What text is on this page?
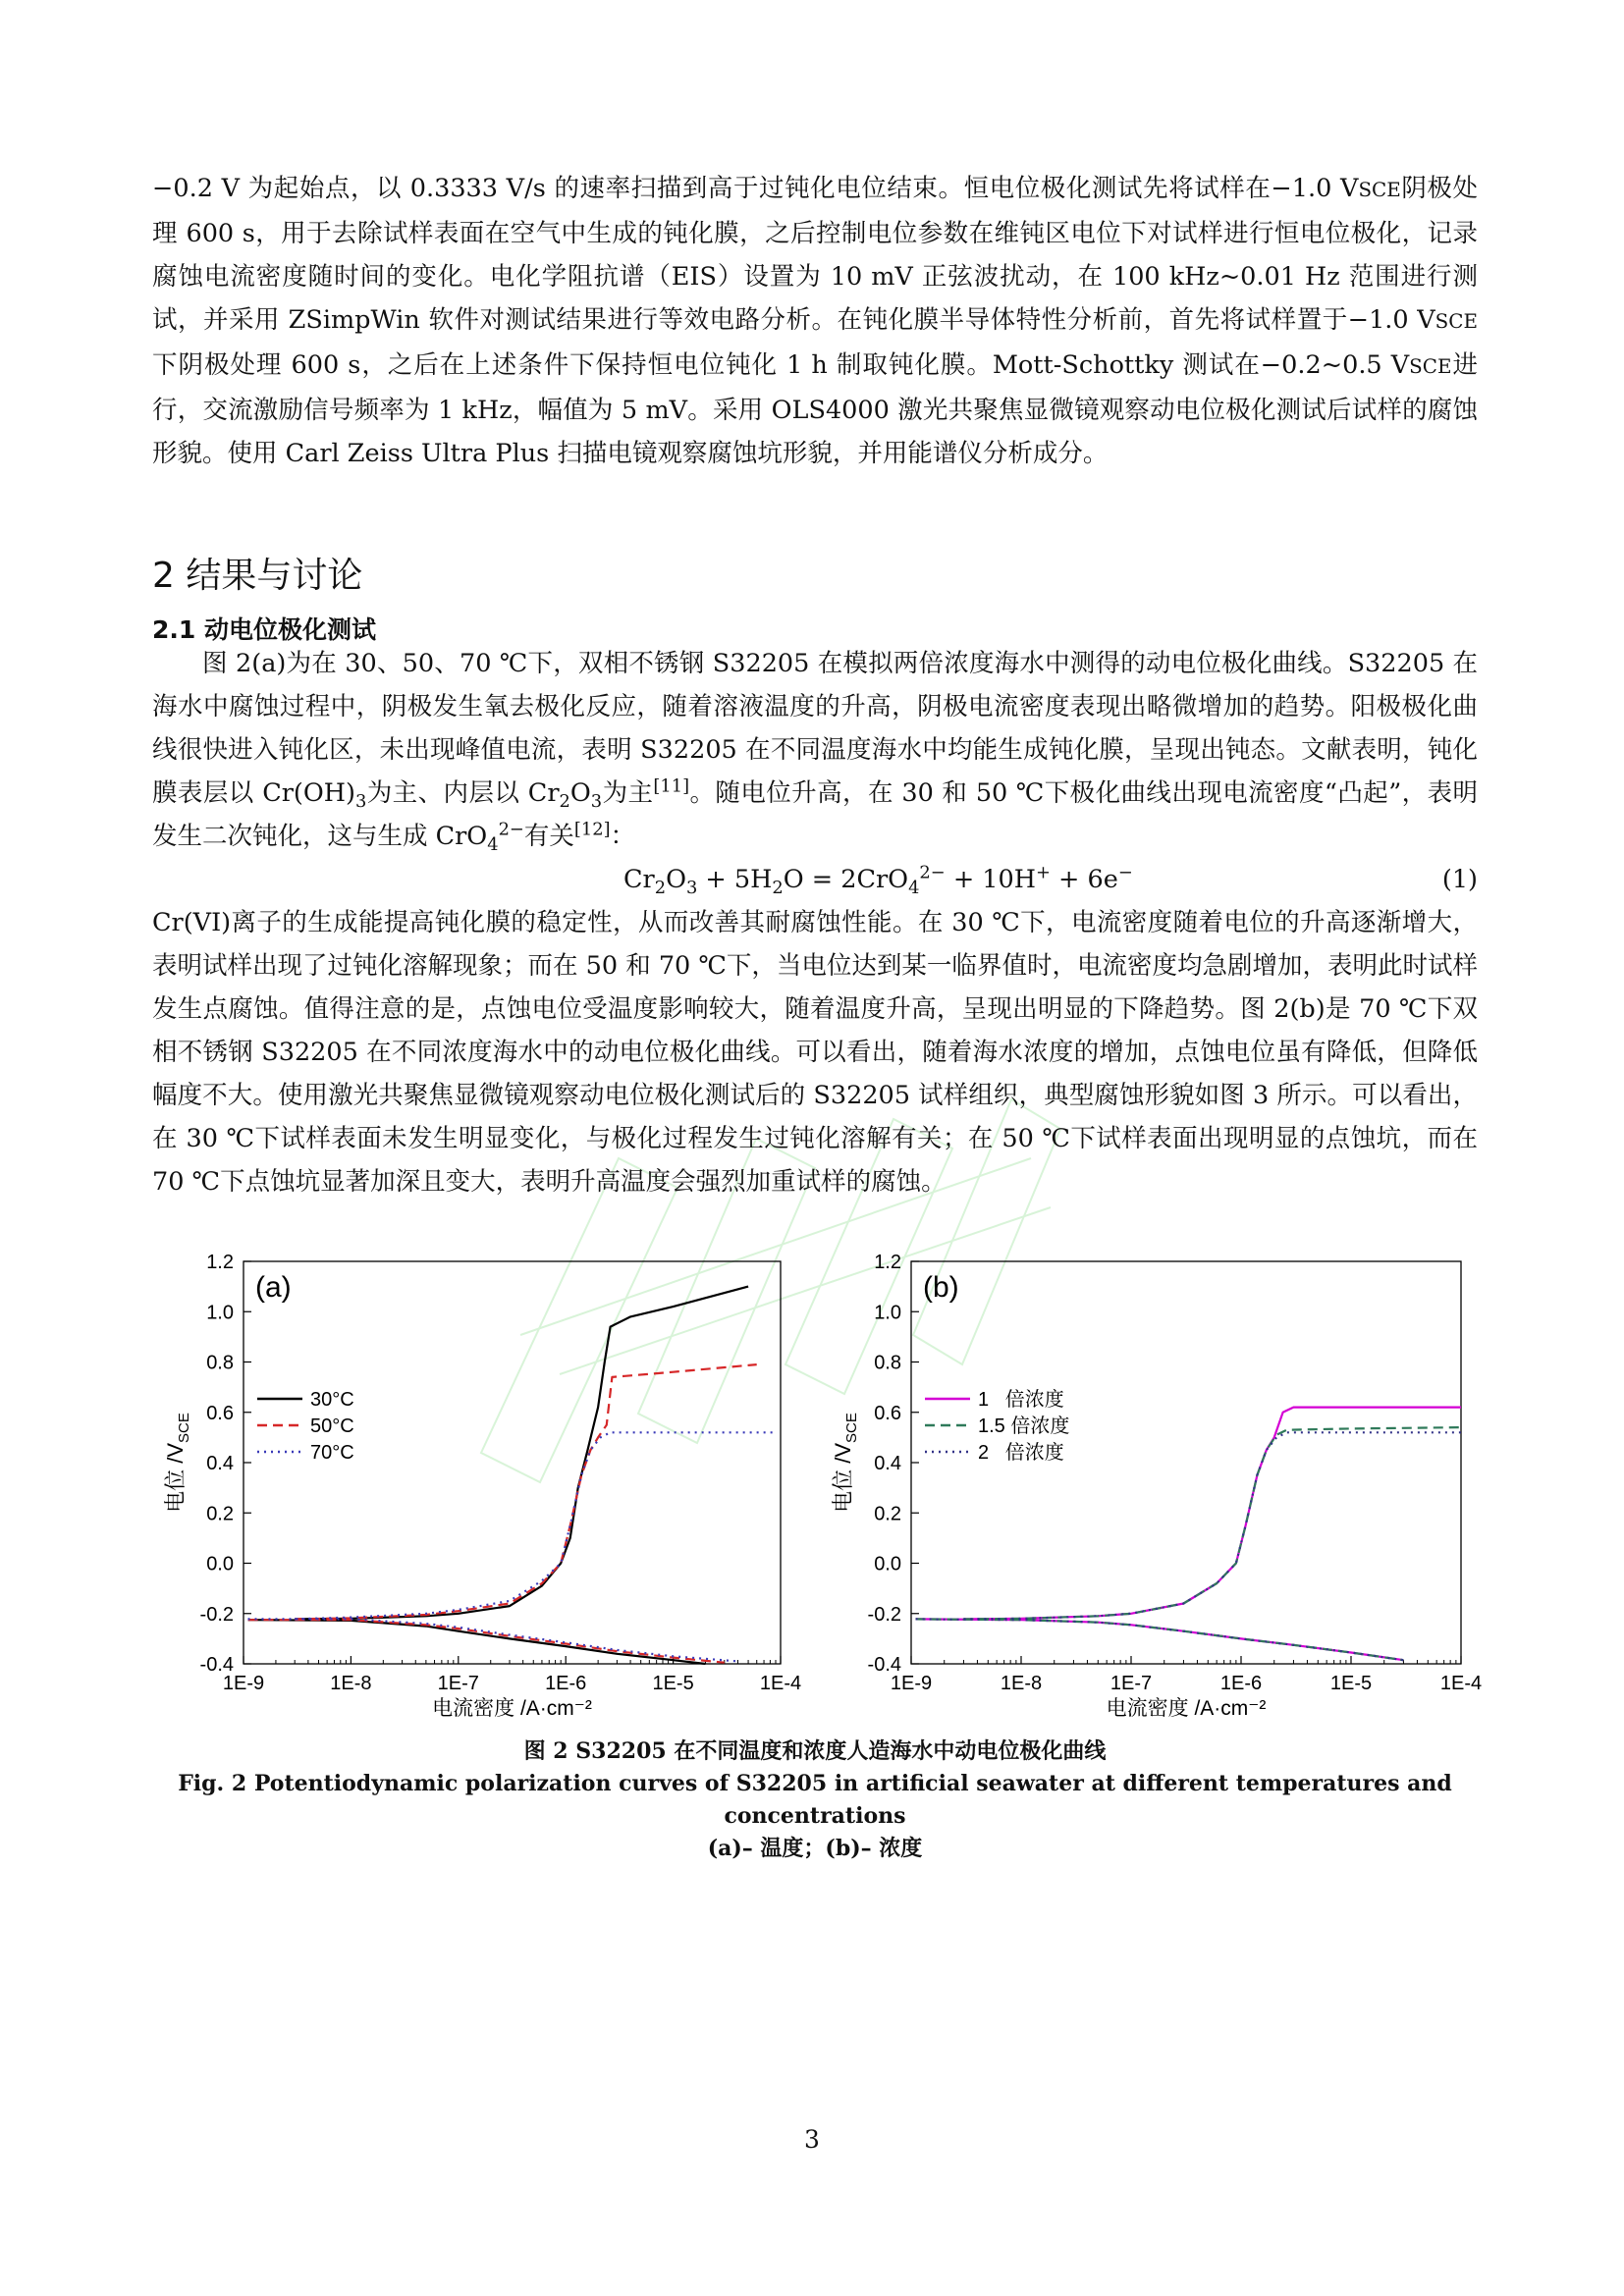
−0.2 V 为起始点，以 0.3333 V/s 的速率扫描到高于过钝化电位结束。恒电位极化测试先将试样在−1.0 VSCE阴极处理 600 s，用于去除试样表面在空气中生成的钝化膜，之后控制电位参数在维钝区电位下对试样进行恒电位极化，记录腐蚀电流密度随时间的变化。电化学阻抗谱（EIS）设置为 10 mV 正弦波扰动，在 100 kHz~0.01 Hz 范围进行测试，并采用 ZSimpWin 软件对测试结果进行等效电路分析。在钝化膜半导体特性分析前，首先将试样置于−1.0 VSCE下阴极处理 600 s，之后在上述条件下保持恒电位钝化 1 h 制取钝化膜。Mott-Schottky 测试在−0.2~0.5 VSCE进行，交流激励信号频率为 1 kHz，幅值为 5 mV。采用 OLS4000 激光共聚焦显微镜观察动电位极化测试后试样的腐蚀形貌。使用 Carl Zeiss Ultra Plus 扫描电镜观察腐蚀坑形貌，并用能谱仪分析成分。

2 结果与讨论
2.1 动电位极化测试

图 2(a)为在 30、50、70 ℃下，双相不锈钢 S32205 在模拟两倍浓度海水中测得的动电位极化曲线。S32205 在海水中腐蚀过程中，阴极发生氧去极化反应，随着溶液温度的升高，阴极电流密度表现出略微增加的趋势。阳极极化曲线很快进入钝化区，未出现峰值电流，表明 S32205 在不同温度海水中均能生成钝化膜，呈现出钝态。文献表明，钝化膜表层以 $Cr(OH)_3$为主、内层以 $Cr_2O_3$为主[11]。随电位升高，在 30 和 50 ℃下极化曲线出现电流密度“凸起”，表明发生二次钝化，这与生成 CrO$_4^{2-}$有关[12]：

$Cr_2O_3 + 5H_2O = 2CrO_4^{2-} + 10H^+ + 6e^-$	(1)

Cr(VI)离子的生成能提高钝化膜的稳定性，从而改善其耐腐蚀性能。在 30 ℃下，电流密度随着电位的升高逐渐增大，表明试样出现了过钝化溶解现象；而在 50 和 70 ℃下，当电位达到某一临界值时，电流密度均急剧增加，表明此时试样发生点腐蚀。值得注意的是，点蚀电位受温度影响较大，随着温度升高，呈现出明显的下降趋势。图 2(b)是 70 ℃下双相不锈钢 S32205 在不同浓度海水中的动电位极化曲线。可以看出，随着海水浓度的增加，点蚀电位虽有降低，但降低幅度不大。使用激光共聚焦显微镜观察动电位极化测试后的 S32205 试样组织，典型腐蚀形貌如图 3 所示。可以看出，在 30 ℃下试样表面未发生明显变化，与极化过程发生过钝化溶解有关；在 50 ℃下试样表面出现明显的点蚀坑，而在 70 ℃下点蚀坑显著加深且变大，表明升高温度会强烈加重试样的腐蚀。

1E-9	1E-8	1E-7	1E-6	1E-5	1E-4
-0.4
-0.2
0.0
0.2
0.4
0.6
0.8
1.0
1.2
(a)
电流密度 /A·cm⁻²
电位 $/V_{SCE}$
30°C
50°C
70°C
1E-9	1E-8	1E-7	1E-6	1E-5	1E-4
-0.4
-0.2
0.0
0.2
0.4
0.6
0.8
1.0
1.2
(b)
电流密度 /A·cm⁻²
电位 $/V_{SCE}$
1   倍浓度
1.5 倍浓度
2   倍浓度
图 2 S32205 在不同温度和浓度人造海水中动电位极化曲线
Fig. 2 Potentiodynamic polarization curves of S32205 in artificial seawater at different temperatures and concentrations
(a)– 温度；(b)– 浓度
3
